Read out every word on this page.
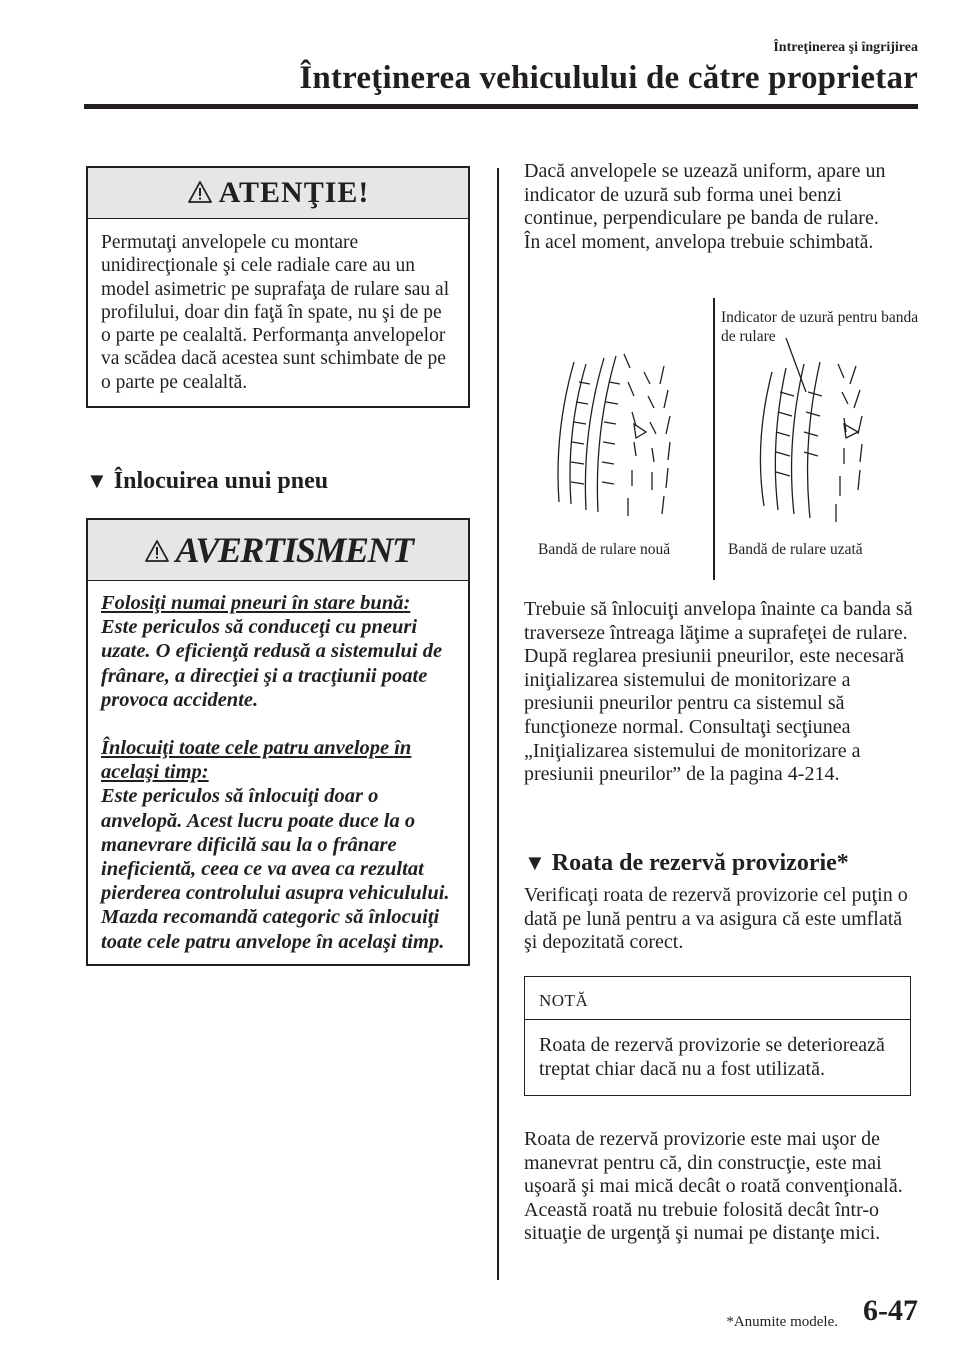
Întreţinerea şi îngrijirea
Întreţinerea vehiculului de către proprietar
ATENŢIE!
Permutaţi anvelopele cu montare unidirecţionale şi cele radiale care au un model asimetric pe suprafaţa de rulare sau al profilului, doar din faţă în spate, nu şi de pe o parte pe cealaltă. Performanţa anvelopelor va scădea dacă acestea sunt schimbate de pe o parte pe cealaltă.
▼ Înlocuirea unui pneu
AVERTISMENT
Folosiţi numai pneuri în stare bună:
Este periculos să conduceţi cu pneuri uzate. O eficienţă redusă a sistemului de frânare, a direcţiei şi a tracţiunii poate provoca accidente.
Înlocuiţi toate cele patru anvelope în acelaşi timp:
Este periculos să înlocuiţi doar o anvelopă. Acest lucru poate duce la o manevrare dificilă sau la o frânare ineficientă, ceea ce va avea ca rezultat pierderea controlului asupra vehiculului. Mazda recomandă categoric să înlocuiţi toate cele patru anvelope în acelaşi timp.
Dacă anvelopele se uzează uniform, apare un indicator de uzură sub forma unei benzi continue, perpendiculare pe banda de rulare.
În acel moment, anvelopa trebuie schimbată.
Indicator de uzură pentru banda de rulare
Bandă de rulare nouă	Bandă de rulare uzată
Trebuie să înlocuiţi anvelopa înainte ca banda să traverseze întreaga lăţime a suprafeţei de rulare.
După reglarea presiunii pneurilor, este necesară iniţializarea sistemului de monitorizare a presiunii pneurilor pentru ca sistemul să funcţioneze normal. Consultaţi secţiunea „Iniţializarea sistemului de monitorizare a presiunii pneurilor” de la pagina 4-214.
▼ Roata de rezervă provizorie*
Verificaţi roata de rezervă provizorie cel puţin o dată pe lună pentru a va asigura că este umflată şi depozitată corect.
NOTĂ
Roata de rezervă provizorie se deteriorează treptat chiar dacă nu a fost utilizată.
Roata de rezervă provizorie este mai uşor de manevrat pentru că, din construcţie, este mai uşoară şi mai mică decât o roată convenţională. Această roată nu trebuie folosită decât într-o situaţie de urgenţă şi numai pe distanţe mici.
*Anumite modele. 6-47
